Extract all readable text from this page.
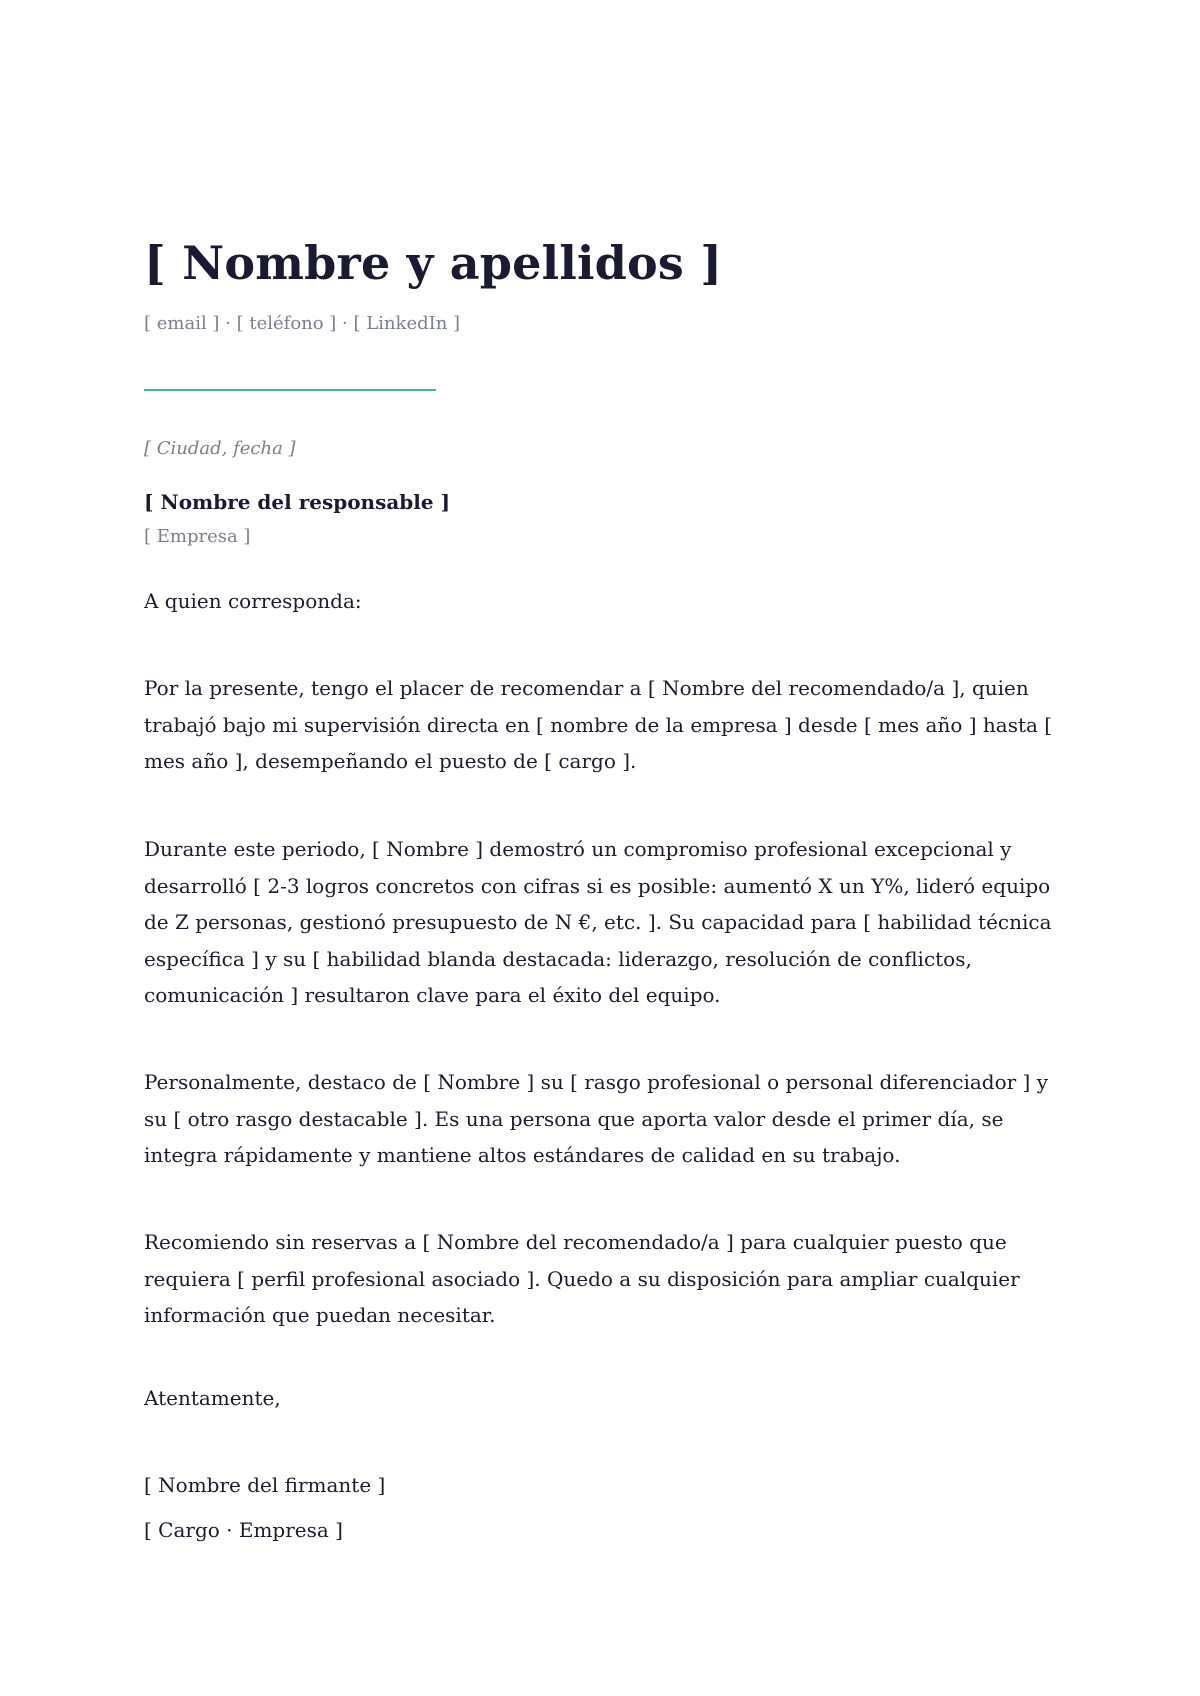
[ Nombre y apellidos ]
[ email ] · [ teléfono ] · [ LinkedIn ]
[ Ciudad, fecha ]
[ Nombre del responsable ]
[ Empresa ]
A quien corresponda:

Por la presente, tengo el placer de recomendar a [ Nombre del recomendado/a ], quien trabajó bajo mi supervisión directa en [ nombre de la empresa ] desde [ mes año ] hasta [ mes año ], desempeñando el puesto de [ cargo ].

Durante este periodo, [ Nombre ] demostró un compromiso profesional excepcional y desarrolló [ 2-3 logros concretos con cifras si es posible: aumentó X un Y%, lideró equipo de Z personas, gestionó presupuesto de N €, etc. ]. Su capacidad para [ habilidad técnica específica ] y su [ habilidad blanda destacada: liderazgo, resolución de conflictos, comunicación ] resultaron clave para el éxito del equipo.

Personalmente, destaco de [ Nombre ] su [ rasgo profesional o personal diferenciador ] y su [ otro rasgo destacable ]. Es una persona que aporta valor desde el primer día, se integra rápidamente y mantiene altos estándares de calidad en su trabajo.

Recomiendo sin reservas a [ Nombre del recomendado/a ] para cualquier puesto que requiera [ perfil profesional asociado ]. Quedo a su disposición para ampliar cualquier información que puedan necesitar.

Atentamente,
[ Nombre del firmante ]
[ Cargo · Empresa ]
